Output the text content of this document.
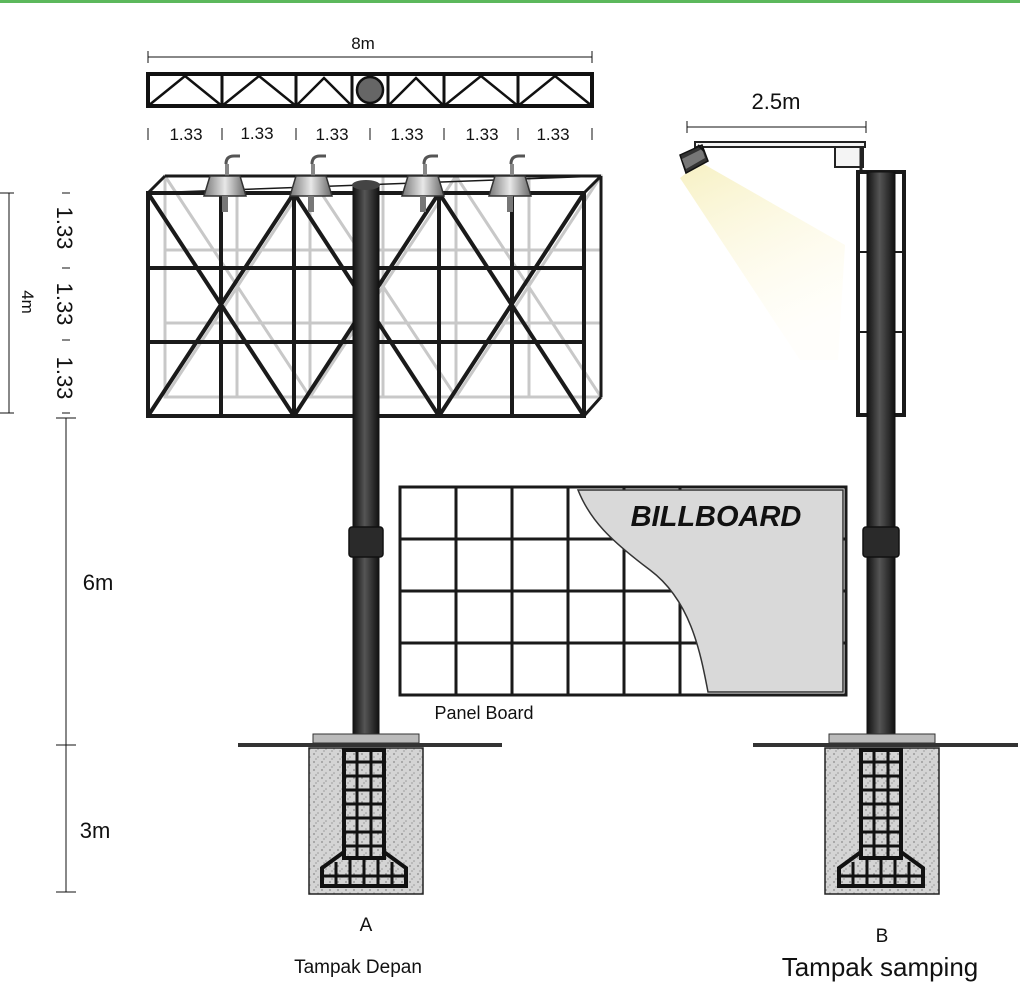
8m
1.33 1.33 1.33 1.33 1.33 1.33
4m
1.33
1.33
1.33
6m
3m
A
Tampak Depan
BILLBOARD
Panel Board
2.5m
B
Tampak samping
